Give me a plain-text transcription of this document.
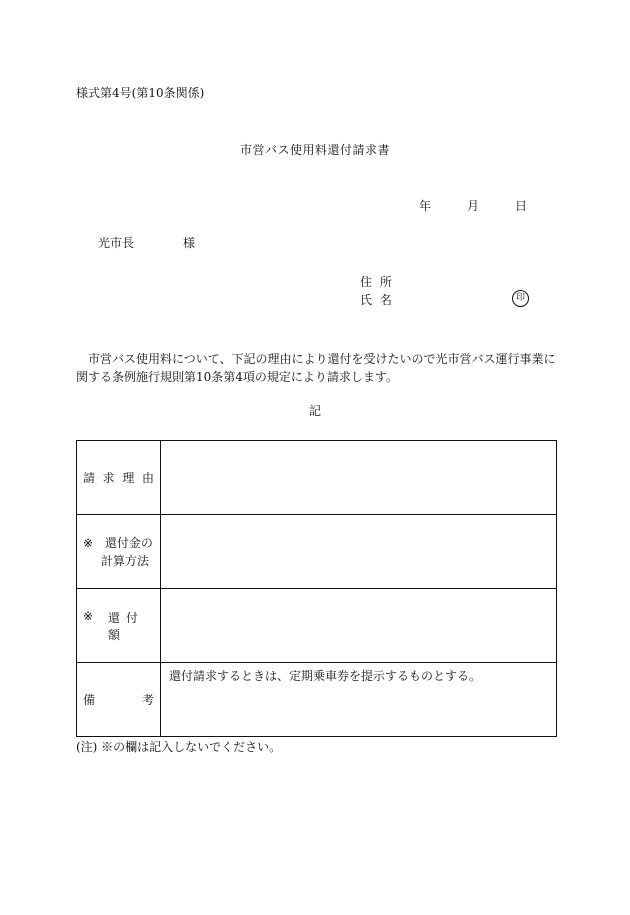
様式第4号(第10条関係)
市営バス使用料還付請求書
年	月	日
光市長	様
住 所
氏 名	印
市営バス使用料について、下記の理由により還付を受けたいので光市営バス運行事業に
関する条例施行規則第10条第4項の規定により請求します。
記
請 求 理 由	

※ 還付金の
計算方法	

※ 還付額	

備 考	還付請求するときは、定期乗車券を提示するものとする。
(注) ※の欄は記入しないでください。
